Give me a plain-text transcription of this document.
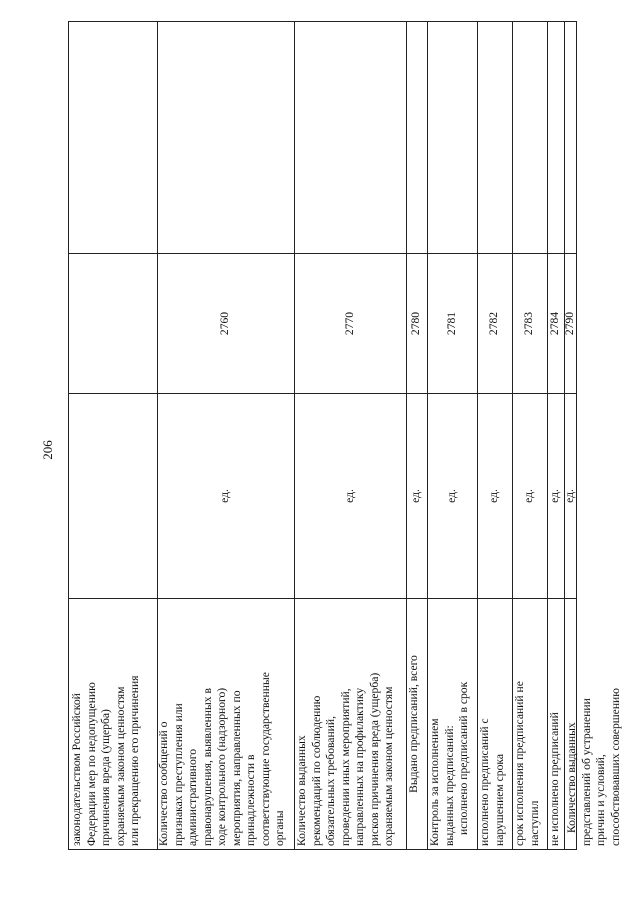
206
законодательством Российской Федерации мер по недопущению причинения вреда (ущерба) охраняемым законом ценностям или прекращению его причинения Количество сообщений о признаках преступления или административного правонарушения, выявленных в ходе контрольного (надзорного) мероприятия, направленных по принадлежности в соответствующие государственные органы
ед.
2760
Количество выданных рекомендаций по соблюдению обязательных требований, проведении иных мероприятий, направленных на профилактику рисков причинения вреда (ущерба) охраняемым законом ценностям
ед.
2770
Выдано предписаний, всего
ед.
2780
Контроль за исполнением выданных предписаний: исполнено предписаний в срок
ед.
2781
исполнено предписаний с нарушением срока
ед.
2782
срок исполнения предписаний не наступил
ед.
2783
не исполнено предписаний
ед.
2784
Количество выданных представлений об устранении причин и условий, способствовавших совершению
ед.
2790
